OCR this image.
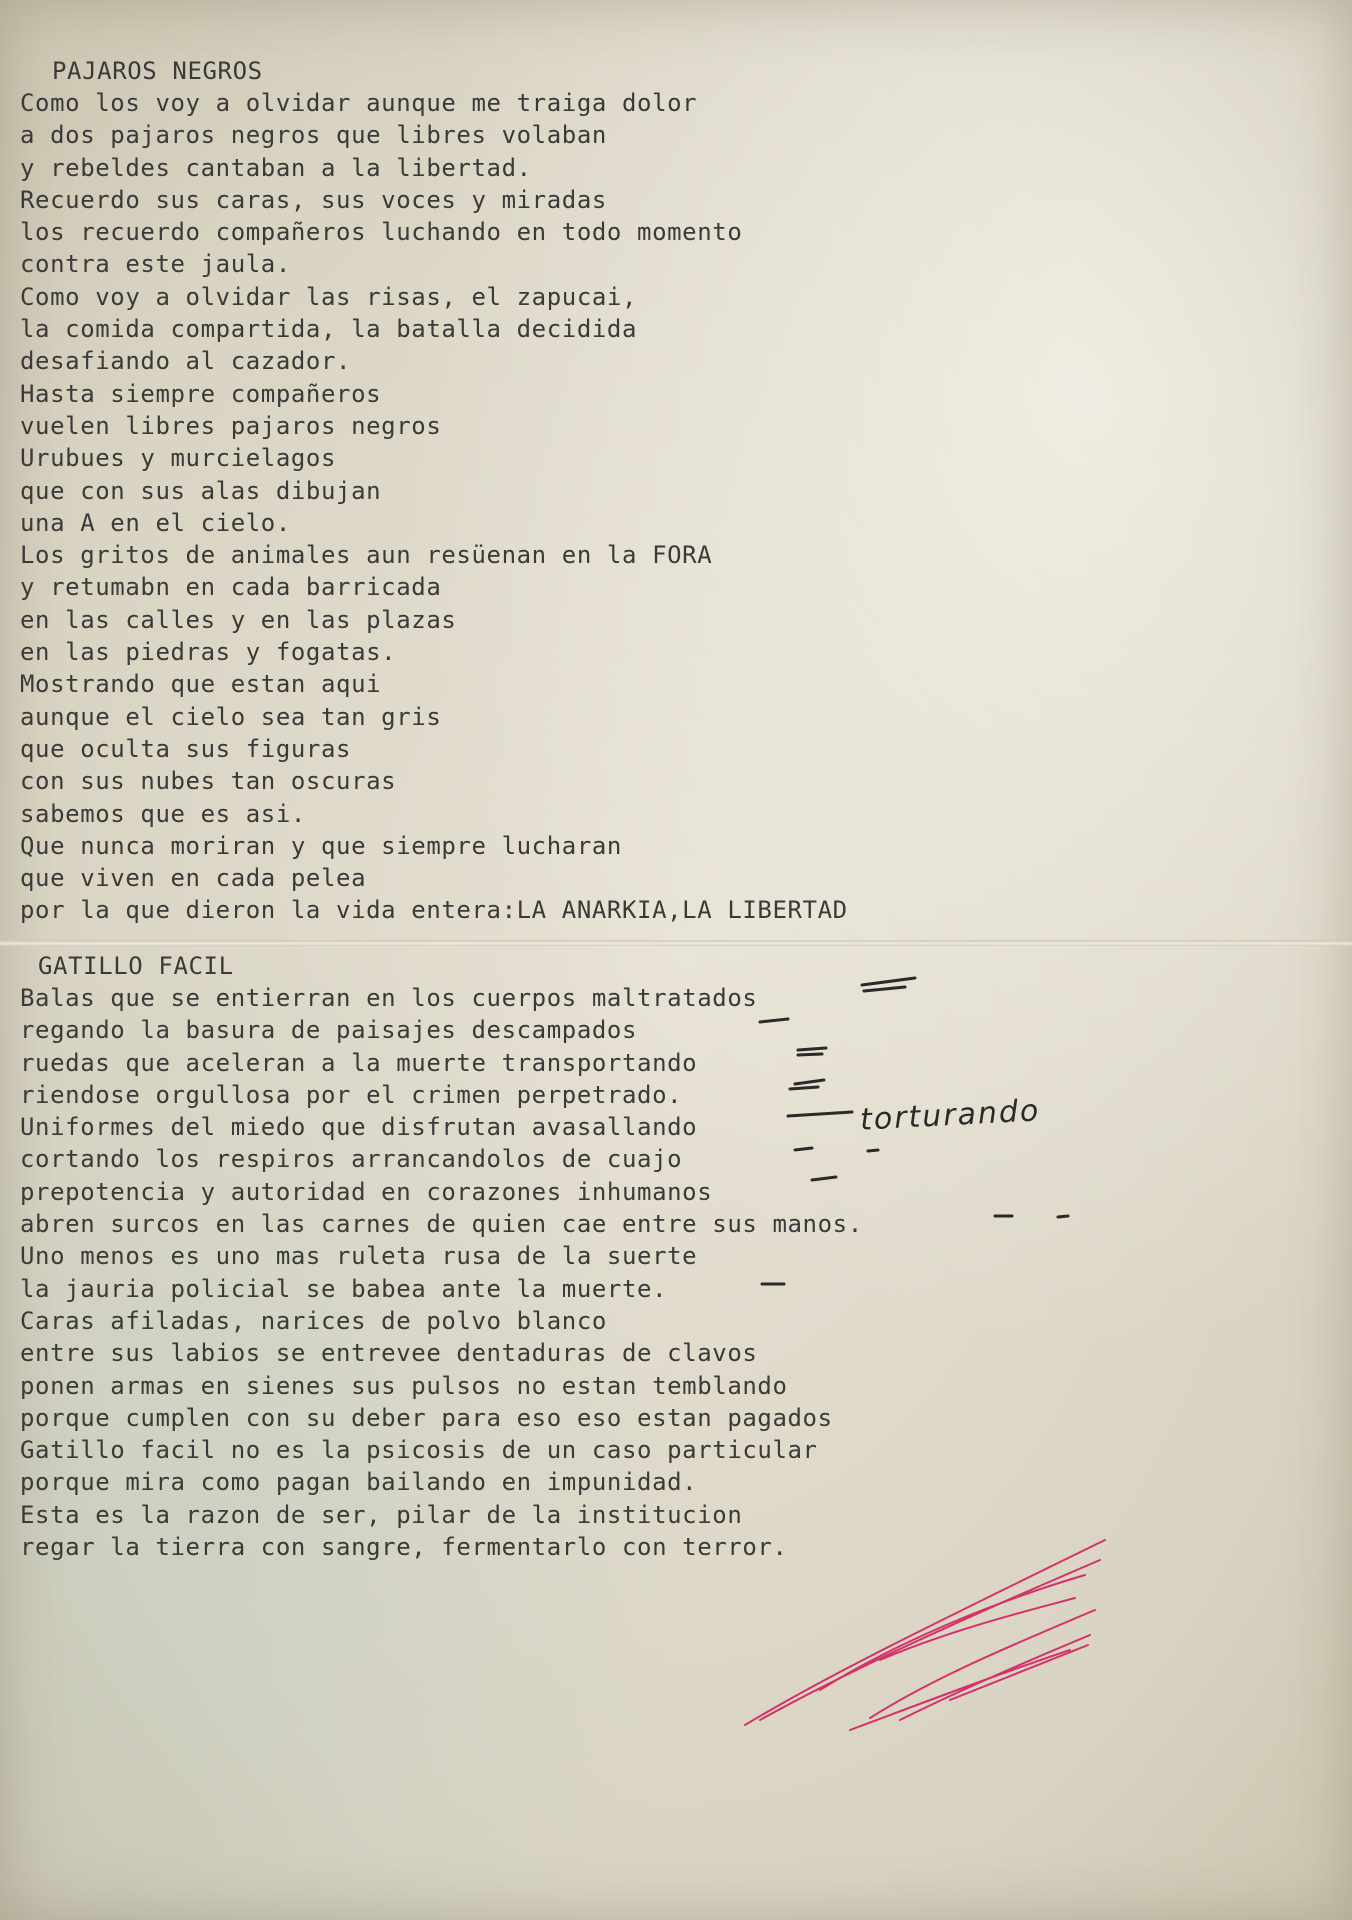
PAJAROS NEGROS
Como los voy a olvidar aunque me traiga dolor
a dos pajaros negros que libres volaban
y rebeldes cantaban a la libertad.
Recuerdo sus caras, sus voces y miradas
los recuerdo compañeros luchando en todo momento
contra este jaula.
Como voy a olvidar las risas, el zapucai,
la comida compartida, la batalla decidida
desafiando al cazador.
Hasta siempre compañeros
vuelen libres pajaros negros
Urubues y murcielagos
que con sus alas dibujan
una A en el cielo.
Los gritos de animales aun resüenan en la FORA
y retumabn en cada barricada
en las calles y en las plazas
en las piedras y fogatas.
Mostrando que estan aqui
aunque el cielo sea tan gris
que oculta sus figuras
con sus nubes tan oscuras
sabemos que es asi.
Que nunca moriran y que siempre lucharan
que viven en cada pelea
por la que dieron la vida entera:LA ANARKIA,LA LIBERTAD
GATILLO FACIL
Balas que se entierran en los cuerpos maltratados
regando la basura de paisajes descampados
ruedas que aceleran a la muerte transportando
riendose orgullosa por el crimen perpetrado.
Uniformes del miedo que disfrutan avasallando
cortando los respiros arrancandolos de cuajo
prepotencia y autoridad en corazones inhumanos
abren surcos en las carnes de quien cae entre sus manos.
Uno menos es uno mas ruleta rusa de la suerte
la jauria policial se babea ante la muerte.
Caras afiladas, narices de polvo blanco
entre sus labios se entrevee dentaduras de clavos
ponen armas en sienes sus pulsos no estan temblando
porque cumplen con su deber para eso eso estan pagados
Gatillo facil no es la psicosis de un caso particular
porque mira como pagan bailando en impunidad.
Esta es la razon de ser, pilar de la institucion
regar la tierra con sangre, fermentarlo con terror.
torturando
